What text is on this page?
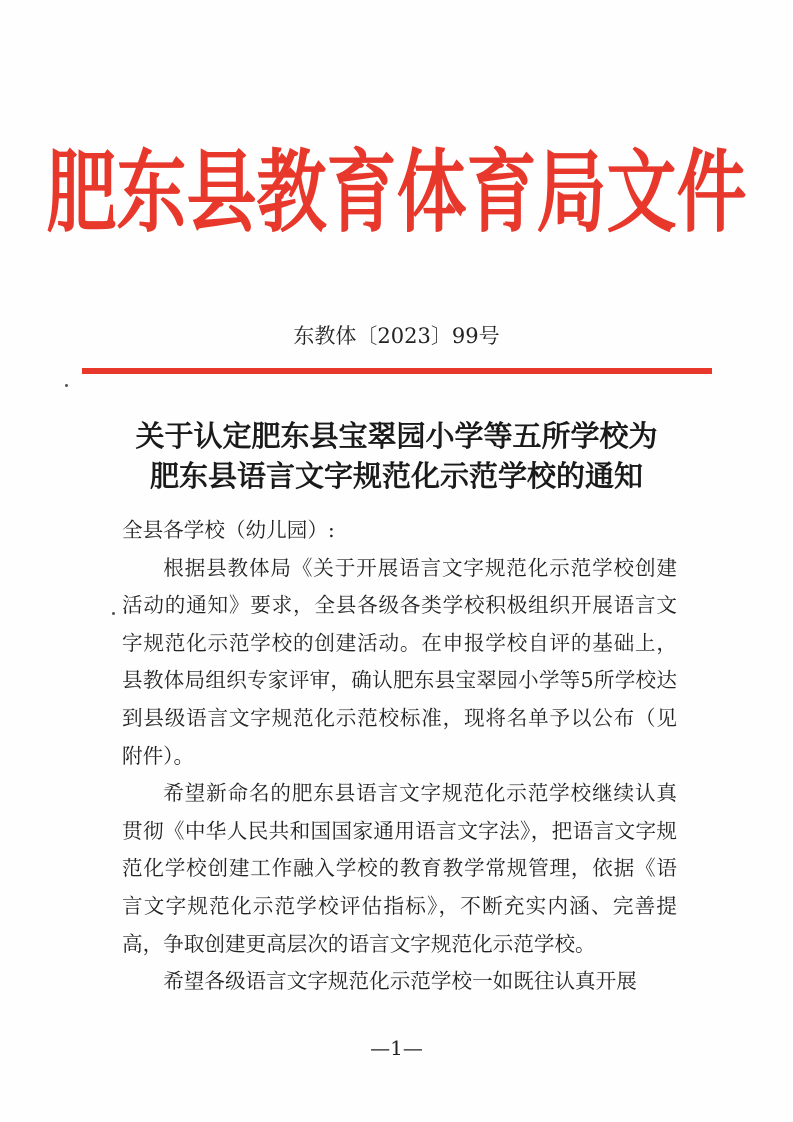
肥东县教育体育局文件
东教体〔2023〕99号
关于认定肥东县宝翠园小学等五所学校为
肥东县语言文字规范化示范学校的通知

全县各学校（幼儿园）:

根据县教体局《关于开展语言文字规范化示范学校创建活动的通知》要求，全县各级各类学校积极组织开展语言文字规范化示范学校的创建活动。在申报学校自评的基础上，县教体局组织专家评审，确认肥东县宝翠园小学等5所学校达到县级语言文字规范化示范校标准，现将名单予以公布（见附件）。

希望新命名的肥东县语言文字规范化示范学校继续认真贯彻《中华人民共和国国家通用语言文字法》，把语言文字规范化学校创建工作融入学校的教育教学常规管理，依据《语言文字规范化示范学校评估指标》，不断充实内涵、完善提高，争取创建更高层次的语言文字规范化示范学校。

希望各级语言文字规范化示范学校一如既往认真开展

—1—
